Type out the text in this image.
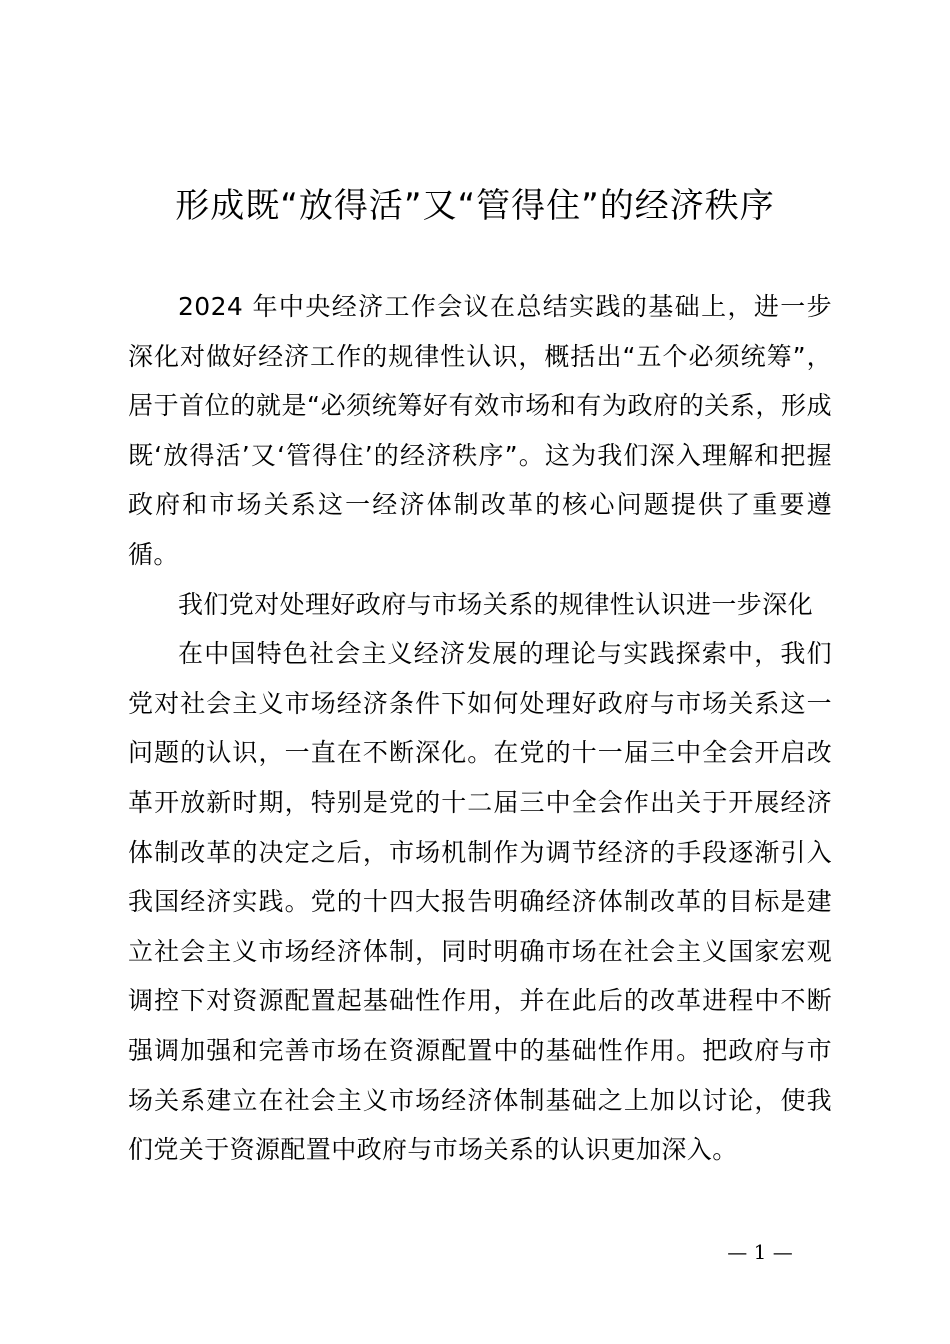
形成既“放得活”又“管得住”的经济秩序

2024 年中央经济工作会议在总结实践的基础上，进一步深化对做好经济工作的规律性认识，概括出“五个必须统筹”，居于首位的就是“必须统筹好有效市场和有为政府的关系，形成既‘放得活’又‘管得住’的经济秩序”。这为我们深入理解和把握政府和市场关系这一经济体制改革的核心问题提供了重要遵循。

我们党对处理好政府与市场关系的规律性认识进一步深化

在中国特色社会主义经济发展的理论与实践探索中，我们党对社会主义市场经济条件下如何处理好政府与市场关系这一问题的认识，一直在不断深化。在党的十一届三中全会开启改革开放新时期，特别是党的十二届三中全会作出关于开展经济体制改革的决定之后，市场机制作为调节经济的手段逐渐引入我国经济实践。党的十四大报告明确经济体制改革的目标是建立社会主义市场经济体制，同时明确市场在社会主义国家宏观调控下对资源配置起基础性作用，并在此后的改革进程中不断强调加强和完善市场在资源配置中的基础性作用。把政府与市场关系建立在社会主义市场经济体制基础之上加以讨论，使我们党关于资源配置中政府与市场关系的认识更加深入。

— 1 —
